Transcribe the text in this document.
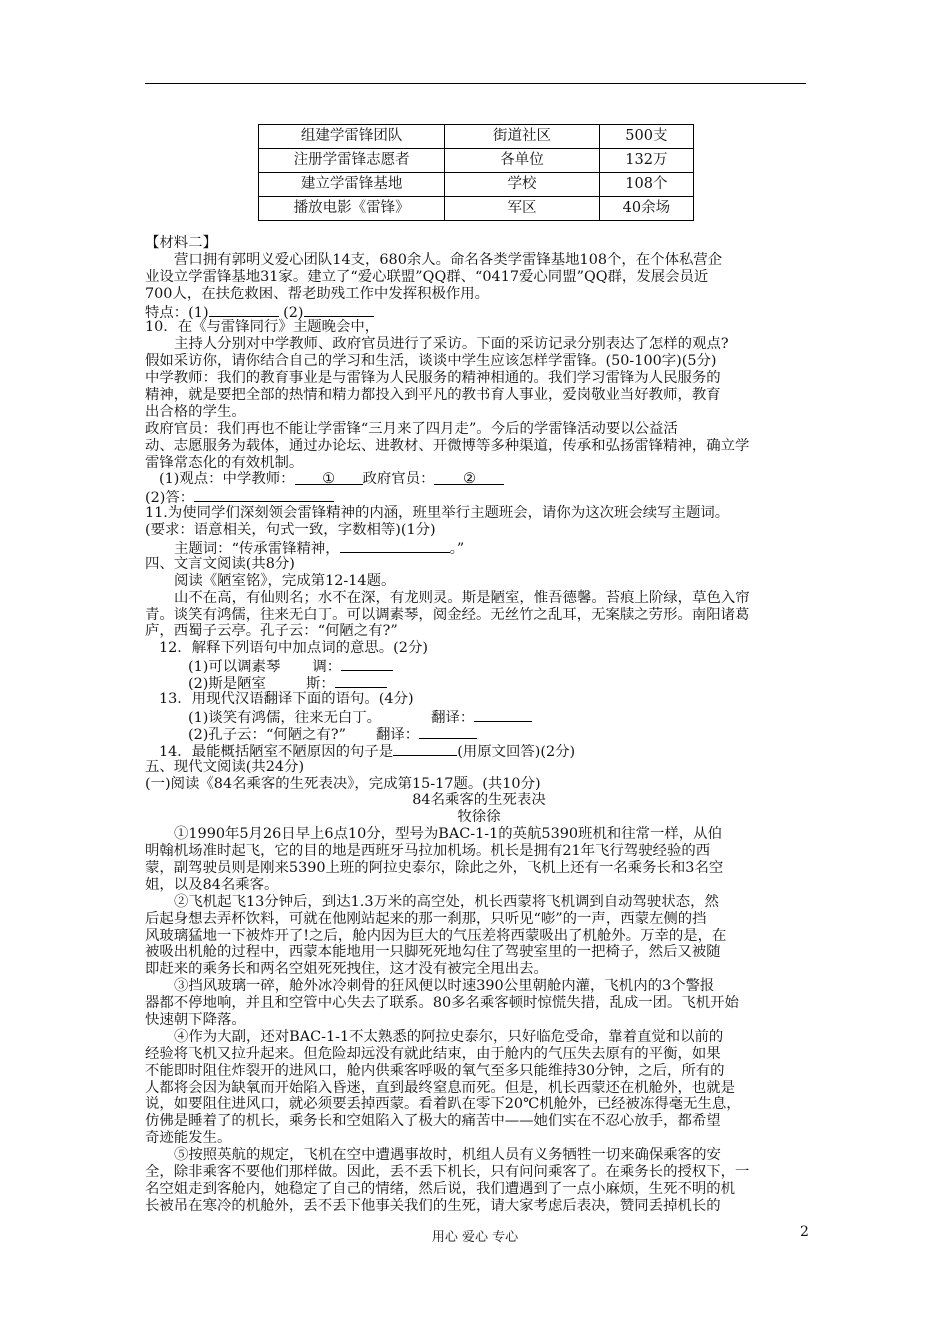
组建学雷锋团队	街道社区	500支
注册学雷锋志愿者	各单位	132万
建立学雷锋基地	学校	108个
播放电影《雷锋》	军区	40余场
【材料二】
营口拥有郭明义爱心团队14支，680余人。命名各类学雷锋基地108个，在个体私营企
业设立学雷锋基地31家。建立了“爱心联盟”QQ群、“0417爱心同盟”QQ群，发展会员近
700人，在扶危救困、帮老助残工作中发挥积极作用。
特点：(1)	(2)
10．在《与雷锋同行》主题晚会中，
主持人分别对中学教师、政府官员进行了采访。下面的采访记录分别表达了怎样的观点?
假如采访你，请你结合自己的学习和生活，谈谈中学生应该怎样学雷锋。(50-100字)(5分)
中学教师：我们的教育事业是与雷锋为人民服务的精神相通的。我们学习雷锋为人民服务的
精神，就是要把全部的热情和精力都投入到平凡的教书育人事业，爱岗敬业当好教师，教育
出合格的学生。
政府官员：我们再也不能让学雷锋“三月来了四月走”。今后的学雷锋活动要以公益活
动、志愿服务为载体，通过办论坛、进教材、开微博等多种渠道，传承和弘扬雷锋精神，确立学
雷锋常态化的有效机制。
(1)观点：中学教师： ① 政府官员： ②
(2)答：
11.为使同学们深刻领会雷锋精神的内涵，班里举行主题班会，请你为这次班会续写主题词。
(要求：语意相关，句式一致，字数相等)(1分)
主题词：“传承雷锋精神，	。”
四、文言文阅读(共8分)
阅读《陋室铭》，完成第12-14题。
山不在高，有仙则名；水不在深，有龙则灵。斯是陋室，惟吾德馨。苔痕上阶绿，草色入帘
青。谈笑有鸿儒，往来无白丁。可以调素琴，阅金经。无丝竹之乱耳，无案牍之劳形。南阳诸葛
庐，西蜀子云亭。孔子云：“何陋之有?”
12．解释下列语句中加点词的意思。(2分)
(1)可以调素琴 调：
(2)斯是陋室	斯：
13．用现代汉语翻译下面的语句。(4分)
(1)谈笑有鸿儒，往来无白丁。	翻译：
(2)孔子云：“何陋之有?” 翻译：
14．最能概括陋室不陋原因的句子是	(用原文回答)(2分)
五、现代文阅读(共24分)
(一)阅读《84名乘客的生死表决》，完成第15-17题。(共10分)
84名乘客的生死表决
牧徐徐
①1990年5月26日早上6点10分，型号为BAC-1-1的英航5390班机和往常一样，从伯
明翰机场准时起飞，它的目的地是西班牙马拉加机场。机长是拥有21年飞行驾驶经验的西
蒙，副驾驶员则是刚来5390上班的阿拉史泰尔，除此之外，飞机上还有一名乘务长和3名空
姐，以及84名乘客。
②飞机起飞13分钟后，到达1.3万米的高空处，机长西蒙将飞机调到自动驾驶状态，然
后起身想去弄杯饮料，可就在他刚站起来的那一刹那，只听见“嘭”的一声，西蒙左侧的挡
风玻璃猛地一下被炸开了!之后，舱内因为巨大的气压差将西蒙吸出了机舱外。万幸的是，在
被吸出机舱的过程中，西蒙本能地用一只脚死死地勾住了驾驶室里的一把椅子，然后又被随
即赶来的乘务长和两名空姐死死拽住，这才没有被完全甩出去。
③挡风玻璃一碎，舱外冰冷刺骨的狂风便以时速390公里朝舱内灌，飞机内的3个警报
器都不停地响，并且和空管中心失去了联系。80多名乘客顿时惊慌失措，乱成一团。飞机开始
快速朝下降落。
④作为大副，还对BAC-1-1不太熟悉的阿拉史泰尔，只好临危受命，靠着直觉和以前的
经验将飞机又拉升起来。但危险却远没有就此结束，由于舱内的气压失去原有的平衡，如果
不能即时阻住炸裂开的进风口，舱内供乘客呼吸的氧气至多只能维持30分钟，之后，所有的
人都将会因为缺氧而开始陷入昏迷，直到最终窒息而死。但是，机长西蒙还在机舱外，也就是
说，如要阻住进风口，就必须要丢掉西蒙。看着趴在零下20℃机舱外，已经被冻得毫无生息，
仿佛是睡着了的机长，乘务长和空姐陷入了极大的痛苦中——她们实在不忍心放手，都希望
奇迹能发生。
⑤按照英航的规定，飞机在空中遭遇事故时，机组人员有义务牺牲一切来确保乘客的安
全，除非乘客不要他们那样做。因此，丢不丢下机长，只有问问乘客了。在乘务长的授权下，一
名空姐走到客舱内，她稳定了自己的情绪，然后说，我们遭遇到了一点小麻烦，生死不明的机
长被吊在寒冷的机舱外，丢不丢下他事关我们的生死，请大家考虑后表决，赞同丢掉机长的
用心 爱心 专心	2
